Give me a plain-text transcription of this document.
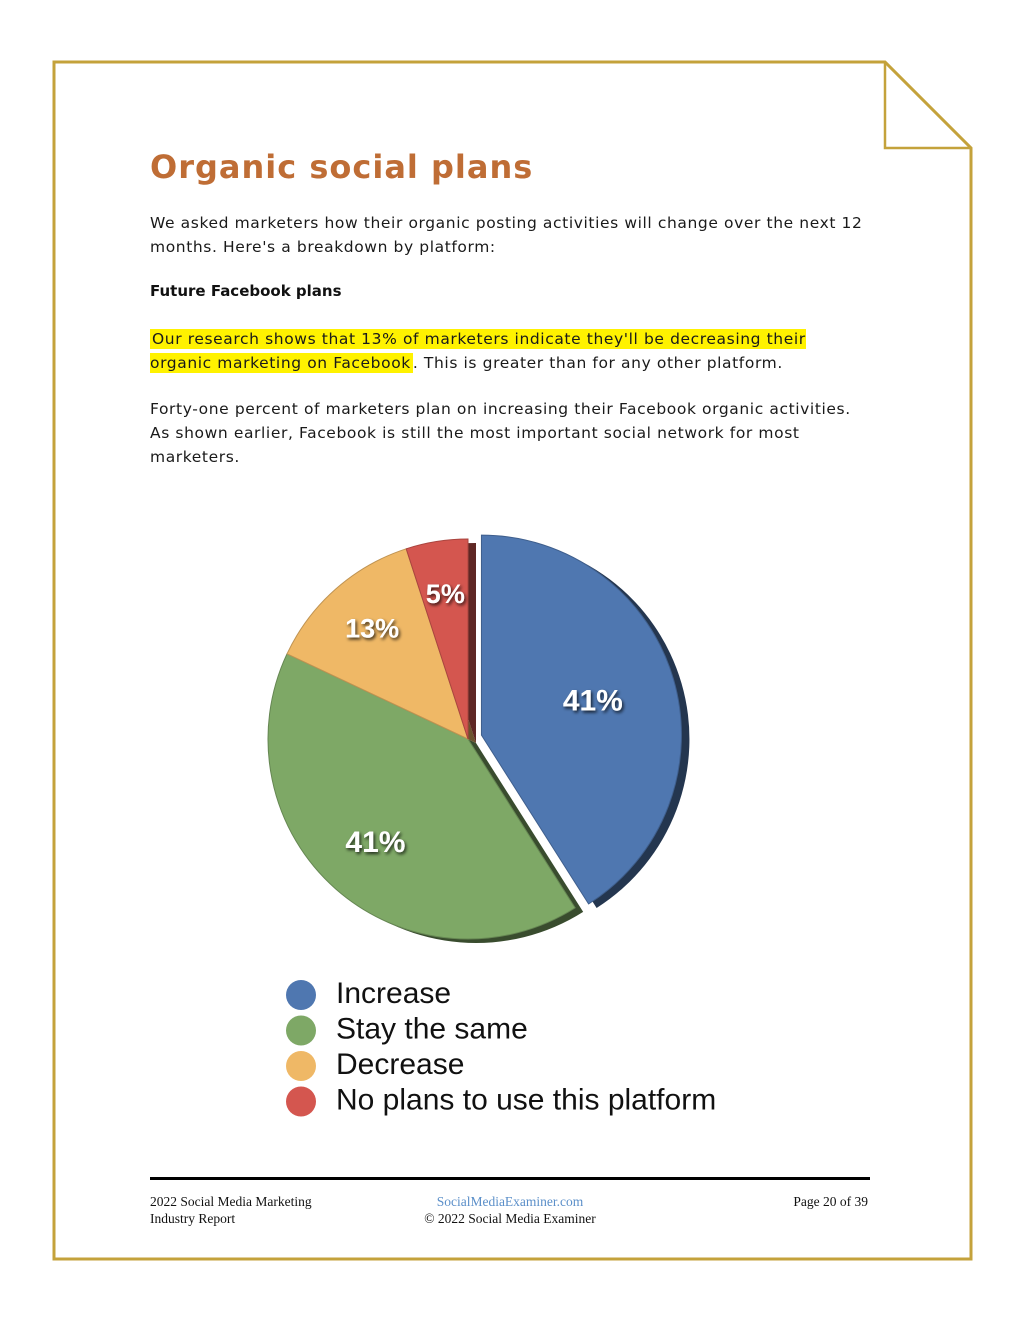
Organic social plans

We asked marketers how their organic posting activities will change over the next 12 months. Here's a breakdown by platform:

Future Facebook plans

Our research shows that 13% of marketers indicate they'll be decreasing their organic marketing on Facebook . This is greater than for any other platform.

Forty-one percent of marketers plan on increasing their Facebook organic activities. As shown earlier, Facebook is still the most important social network for most marketers.

41%
41%
13%
5%
Increase
Stay the same
Decrease
No plans to use this platform
2022 Social Media Marketing
Industry Report
SocialMediaExaminer.com
© 2022 Social Media Examiner
Page 20 of 39
